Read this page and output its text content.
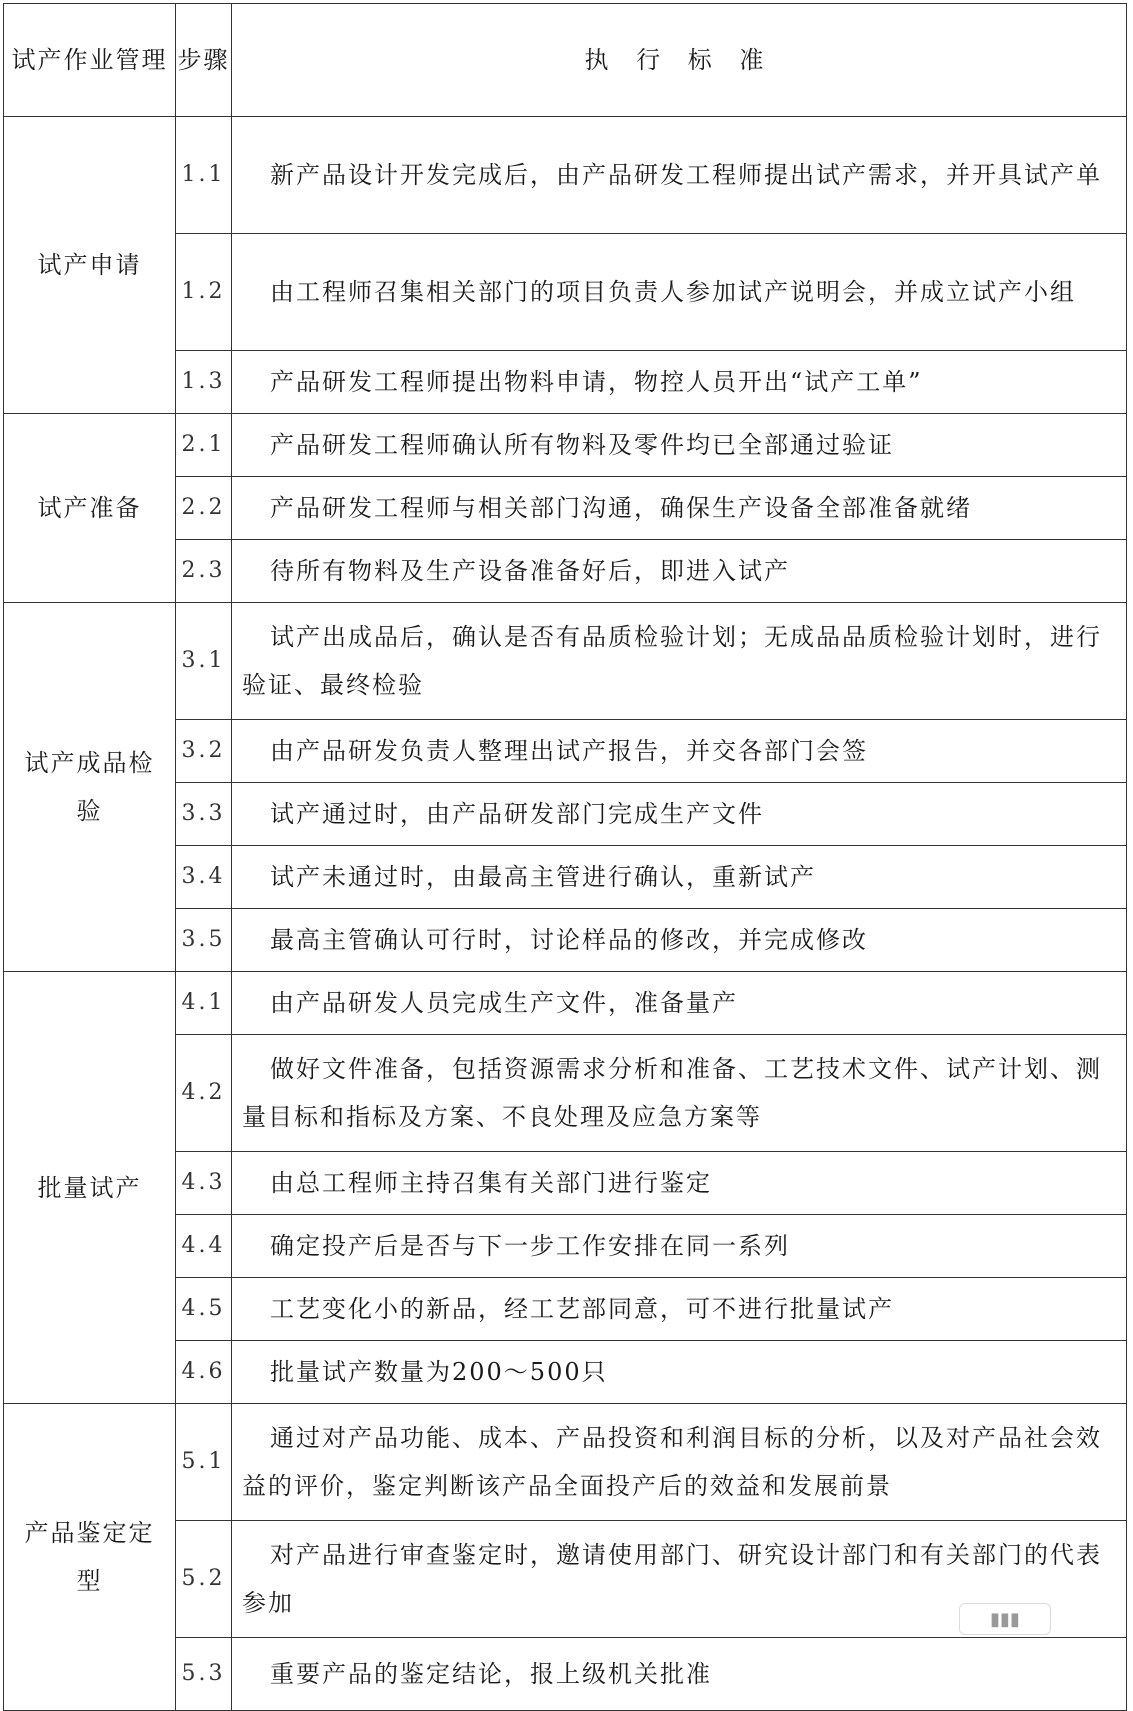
试产作业管理	步骤	执 行 标 准
试产申请	1.1	新产品设计开发完成后，由产品研发工程师提出试产需求，并开具试产单

	1.2	由工程师召集相关部门的项目负责人参加试产说明会，并成立试产小组

	1.3	产品研发工程师提出物料申请，物控人员开出“试产工单”

试产准备	2.1	产品研发工程师确认所有物料及零件均已全部通过验证

	2.2	产品研发工程师与相关部门沟通，确保生产设备全部准备就绪

	2.3	待所有物料及生产设备准备好后，即进入试产

试产成品检验	3.1	试产出成品后，确认是否有品质检验计划；无成品品质检验计划时，进行验证、最终检验

	3.2	由产品研发负责人整理出试产报告，并交各部门会签

	3.3	试产通过时，由产品研发部门完成生产文件

	3.4	试产未通过时，由最高主管进行确认，重新试产

	3.5	最高主管确认可行时，讨论样品的修改，并完成修改

批量试产	4.1	由产品研发人员完成生产文件，准备量产

	4.2	做好文件准备，包括资源需求分析和准备、工艺技术文件、试产计划、测量目标和指标及方案、不良处理及应急方案等

	4.3	由总工程师主持召集有关部门进行鉴定

	4.4	确定投产后是否与下一步工作安排在同一系列

	4.5	工艺变化小的新品，经工艺部同意，可不进行批量试产

	4.6	批量试产数量为200～500只

产品鉴定定型	5.1	通过对产品功能、成本、产品投资和利润目标的分析，以及对产品社会效益的评价，鉴定判断该产品全面投产后的效益和发展前景

	5.2	对产品进行审查鉴定时，邀请使用部门、研究设计部门和有关部门的代表参加

	5.3	重要产品的鉴定结论，报上级机关批准
▮▮▮
